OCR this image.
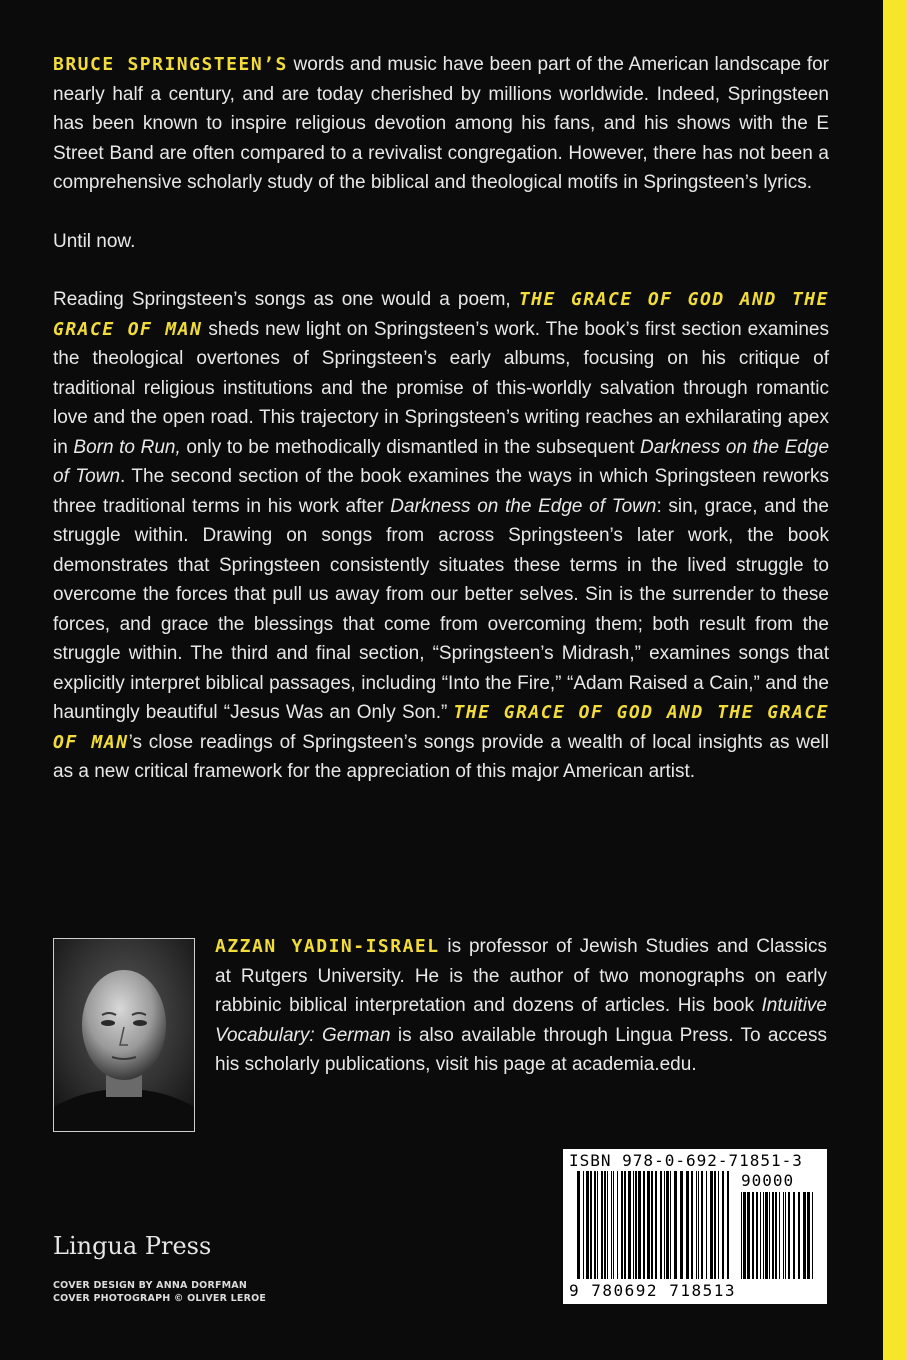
BRUCE SPRINGSTEEN’S words and music have been part of the American landscape for nearly half a century, and are today cherished by millions worldwide. Indeed, Springsteen has been known to inspire religious devotion among his fans, and his shows with the E Street Band are often compared to a revivalist congregation. However, there has not been a comprehensive scholarly study of the biblical and theological motifs in Springsteen’s lyrics.

Until now.

Reading Springsteen’s songs as one would a poem, THE GRACE OF GOD AND THE GRACE OF MAN sheds new light on Springsteen’s work. The book’s first section examines the theological overtones of Springsteen’s early albums, focusing on his critique of traditional religious institutions and the promise of this-worldly salvation through romantic love and the open road. This trajectory in Springsteen’s writing reaches an exhilarating apex in Born to Run, only to be methodically dismantled in the subsequent Darkness on the Edge of Town. The second section of the book examines the ways in which Springsteen reworks three traditional terms in his work after Darkness on the Edge of Town: sin, grace, and the struggle within. Drawing on songs from across Springsteen’s later work, the book demonstrates that Springsteen consistently situates these terms in the lived struggle to overcome the forces that pull us away from our better selves. Sin is the surrender to these forces, and grace the blessings that come from overcoming them; both result from the struggle within. The third and final section, “Springsteen’s Midrash,” examines songs that explicitly interpret biblical passages, including “Into the Fire,” “Adam Raised a Cain,” and the hauntingly beautiful “Jesus Was an Only Son.” THE GRACE OF GOD AND THE GRACE OF MAN’s close readings of Springsteen’s songs provide a wealth of local insights as well as a new critical framework for the appreciation of this major American artist.

AZZAN YADIN-ISRAEL is professor of Jewish Studies and Classics at Rutgers University. He is the author of two monographs on early rabbinic biblical interpretation and dozens of articles. His book Intuitive Vocabulary: German is also available through Lingua Press. To access his scholarly publications, visit his page at academia.edu.

ISBN 978-0-692-71851-3
90000
9 780692 718513
Lingua Press
COVER DESIGN BY ANNA DORFMAN
COVER PHOTOGRAPH © OLIVER LEROE
